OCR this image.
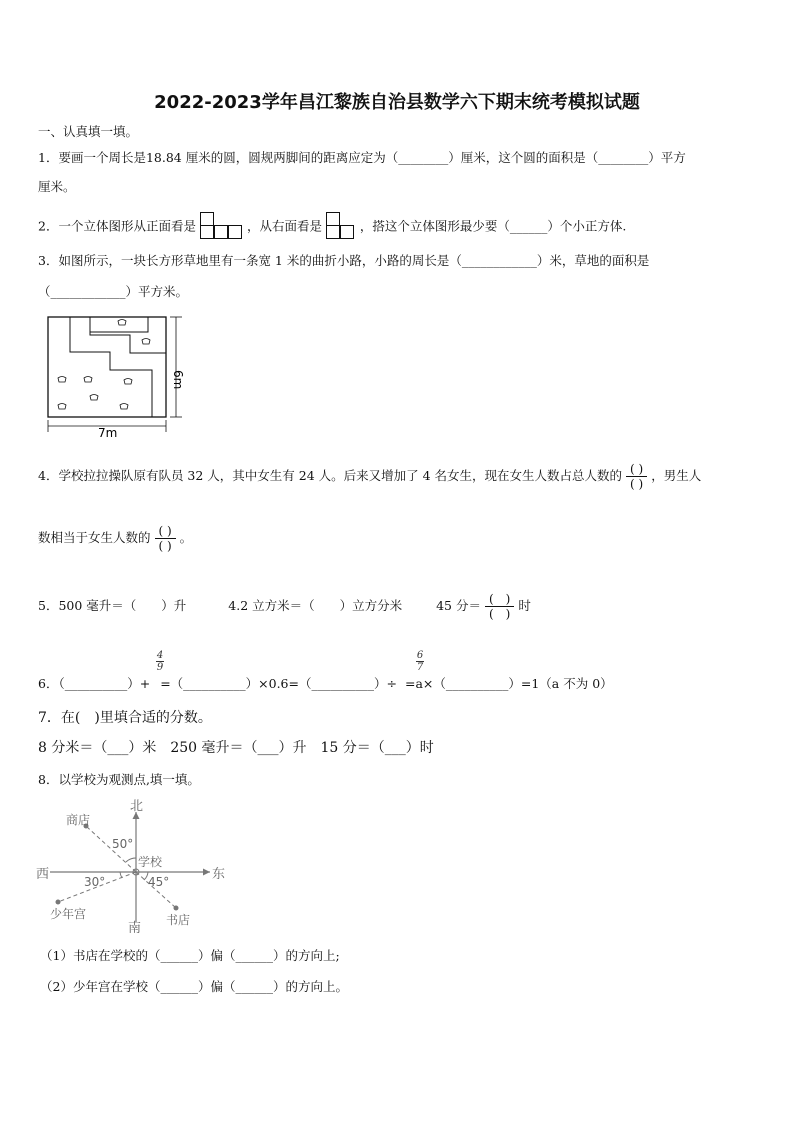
2022-2023学年昌江黎族自治县数学六下期末统考模拟试题
一、认真填一填。
1．要画一个周长是18.84 厘米的圆，圆规两脚间的距离应定为（________）厘米，这个圆的面积是（________）平方
厘米。
2．一个立体图形从正面看是	，从右面看是	，搭这个立体图形最少要（______）个小正方体.
3．如图所示，一块长方形草地里有一条宽 1 米的曲折小路，小路的周长是（____________）米，草地的面积是
（____________）平方米。
7m
6m
4．学校拉拉操队原有队员 32 人，其中女生有 24 人。后来又增加了 4 名女生，现在女生人数占总人数的 $\frac{( )}{( )}$ ，男生人
数相当于女生人数的 $\frac{( )}{( )}$ 。
5．500 毫升＝（　　）升	4.2 立方米＝（　　）立方分米	45 分＝ $\frac{( )}{( )}$ 时
6．（__________）+ =（__________）×0.6=（__________）÷ =a×（__________）=1（a 不为 0）
4
9
6
7
7．在(　)里填合适的分数。
8 分米＝（___）米　250 毫升＝（___）升　15 分＝（___）时
8．以学校为观测点,填一填。
北
南
东
西
学校
商店
书店
少年宫
50°
30°	45°
（1）书店在学校的（______）偏（______）的方向上;
（2）少年宫在学校（______）偏（______）的方向上。
